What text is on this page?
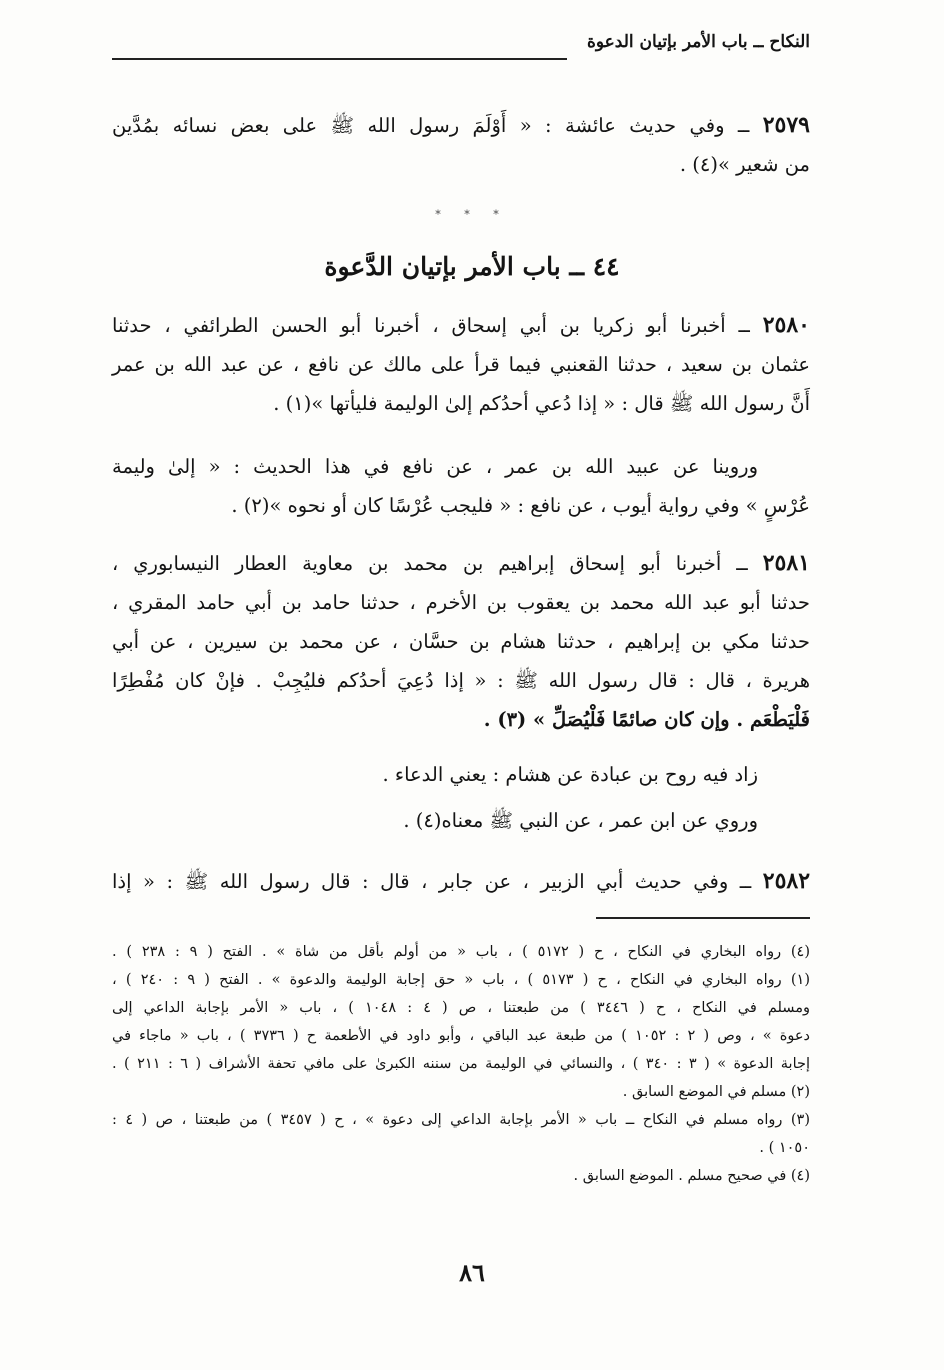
النكاح ــ باب الأمر بإتيان الدعوة
٢٥٧٩ ــ وفي حديث عائشة : « أَوْلَمَ رسول الله ﷺ على بعض نسائه بمُدَّين
من شعير »(٤) .
* * *
٤٤ ــ باب الأمر بإتيان الدَّعوة
٢٥٨٠ ــ أخبرنا أبو زكريا بن أبي إسحاق ، أخبرنا أبو الحسن الطرائفي ، حدثنا
عثمان بن سعيد ، حدثنا القعنبي فيما قرأ على مالك عن نافع ، عن عبد الله بن عمر
أَنَّ رسول الله ﷺ قال : « إذا دُعي أحدُكم إلىٰ الوليمة فليأتها »(١) .
وروينا عن عبيد الله بن عمر ، عن نافع في هذا الحديث : « إلىٰ وليمة
عُرْسٍ » وفي رواية أيوب ، عن نافع : « فليجب عُرْسًا كان أو نحوه »(٢) .
٢٥٨١ ــ أخبرنا أبو إسحاق إبراهيم بن محمد بن معاوية العطار النيسابوري ،
حدثنا أبو عبد الله محمد بن يعقوب بن الأخرم ، حدثنا حامد بن أبي حامد المقري ،
حدثنا مكي بن إبراهيم ، حدثنا هشام بن حسَّان ، عن محمد بن سيرين ، عن أبي
هريرة ، قال : قال رسول الله ﷺ : « إذا دُعِيَ أحدُكم فليُجِبْ . فإنْ كان مُفْطِرًا
فَلْيَطْعَم . وإن كان صائمًا فَلْيُصَلِّ » (٣) .
زاد فيه روح بن عبادة عن هشام : يعني الدعاء .
وروي عن ابن عمر ، عن النبي ﷺ معناه(٤) .
٢٥٨٢ ــ وفي حديث أبي الزبير ، عن جابر ، قال : قال رسول الله ﷺ : « إذا
(٤) رواه البخاري في النكاح ، ح ( ٥١٧٢ ) ، باب « من أولم بأقل من شاة » . الفتح ( ٩ : ٢٣٨ ) .
(١) رواه البخاري في النكاح ، ح ( ٥١٧٣ ) ، باب « حق إجابة الوليمة والدعوة » . الفتح ( ٩ : ٢٤٠ ) ،
ومسلم في النكاح ، ح ( ٣٤٤٦ ) من طبعتنا ، ص ( ٤ : ١٠٤٨ ) ، باب « الأمر بإجابة الداعي إلى
دعوة » ، وص ( ٢ : ١٠٥٢ ) من طبعة عبد الباقي ، وأبو داود في الأطعمة ح ( ٣٧٣٦ ) ، باب « ماجاء في
إجابة الدعوة » ( ٣ : ٣٤٠ ) ، والنسائي في الوليمة من سننه الكبرىٰ على مافي تحفة الأشراف ( ٦ : ٢١١ ) .
(٢) مسلم في الموضع السابق .
(٣) رواه مسلم في النكاح ــ باب « الأمر بإجابة الداعي إلى دعوة » ، ح ( ٣٤٥٧ ) من طبعتنا ، ص ( ٤ :
١٠٥٠ ) .
(٤) في صحيح مسلم . الموضع السابق .
٨٦
